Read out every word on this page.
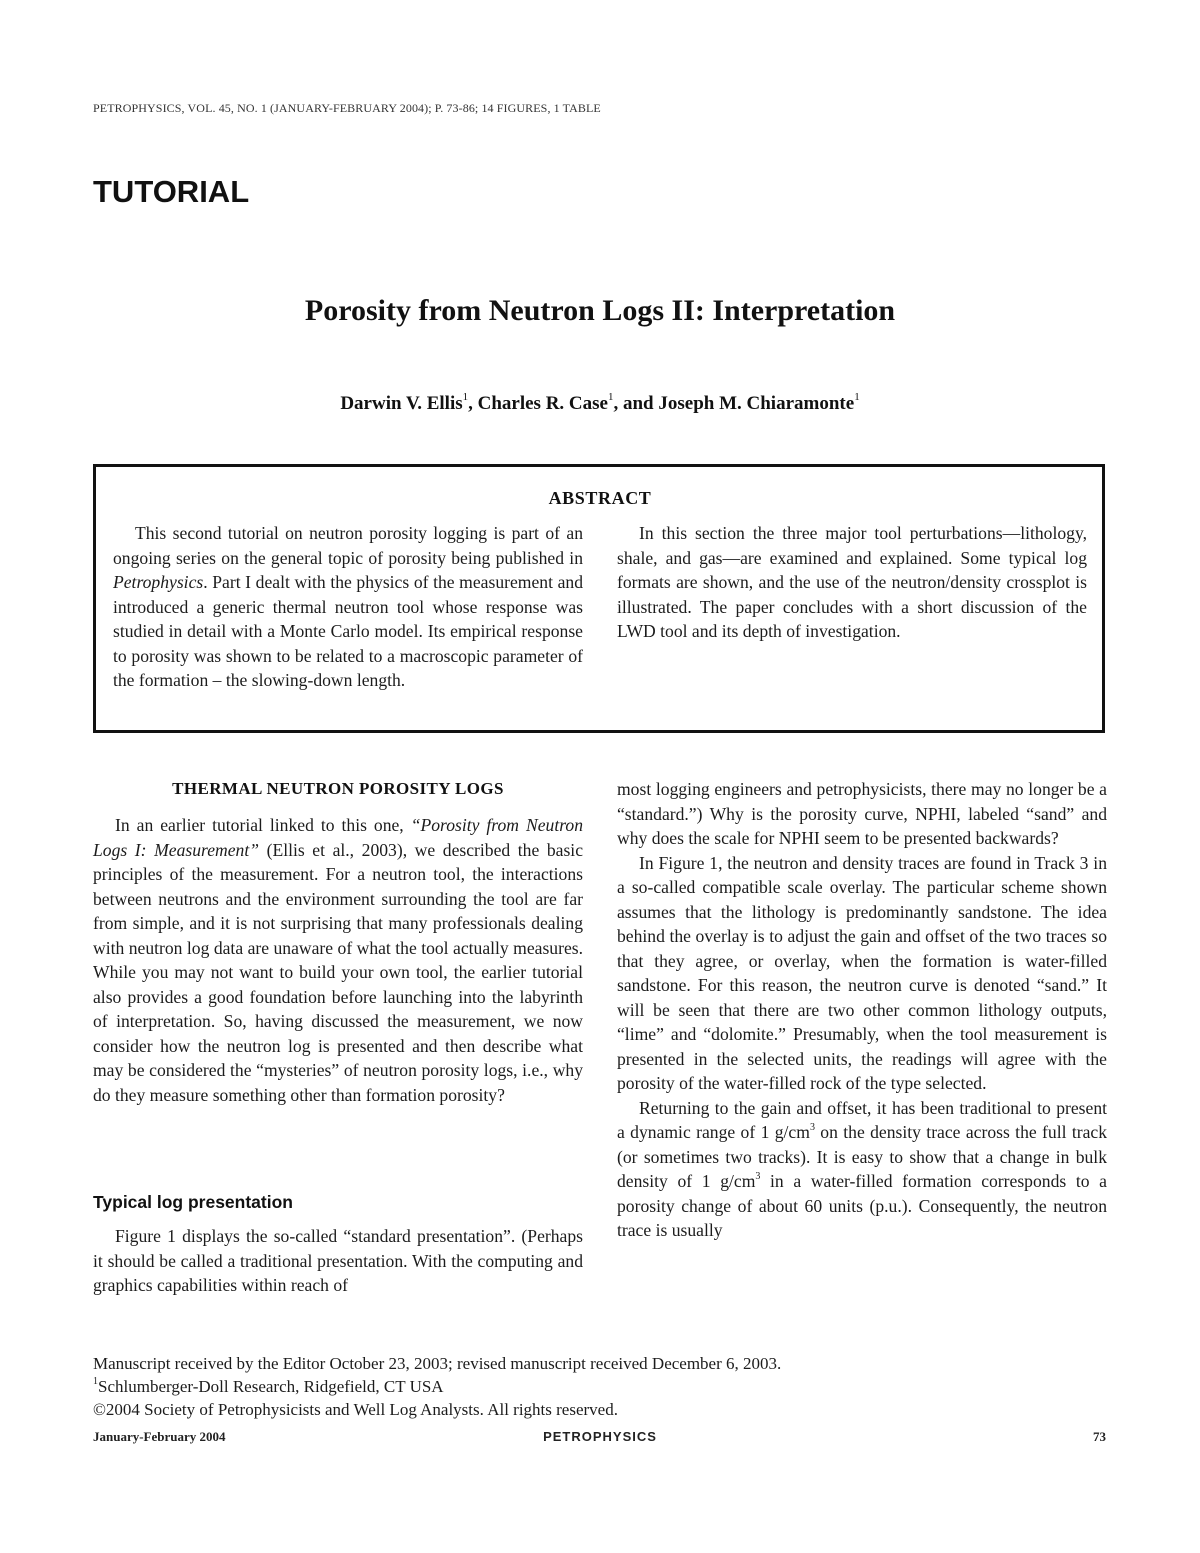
PETROPHYSICS, VOL. 45, NO. 1 (JANUARY-FEBRUARY 2004); P. 73-86; 14 FIGURES, 1 TABLE
TUTORIAL
Porosity from Neutron Logs II: Interpretation
Darwin V. Ellis$^1$, Charles R. Case$^1$, and Joseph M. Chiaramonte$^1$
ABSTRACT

This second tutorial on neutron porosity logging is part of an ongoing series on the general topic of porosity being published in Petrophysics. Part I dealt with the physics of the measurement and introduced a generic thermal neutron tool whose response was studied in detail with a Monte Carlo model. Its empirical response to porosity was shown to be related to a macroscopic parameter of the formation – the slowing-down length.

In this section the three major tool perturbations—lithology, shale, and gas—are examined and explained. Some typical log formats are shown, and the use of the neutron/density crossplot is illustrated. The paper concludes with a short discussion of the LWD tool and its depth of investigation.

THERMAL NEUTRON POROSITY LOGS

In an earlier tutorial linked to this one, “Porosity from Neutron Logs I: Measurement” (Ellis et al., 2003), we described the basic principles of the measurement. For a neutron tool, the interactions between neutrons and the environment surrounding the tool are far from simple, and it is not surprising that many professionals dealing with neutron log data are unaware of what the tool actually measures. While you may not want to build your own tool, the earlier tutorial also provides a good foundation before launching into the labyrinth of interpretation. So, having discussed the measurement, we now consider how the neutron log is presented and then describe what may be considered the “mysteries” of neutron porosity logs, i.e., why do they measure something other than formation porosity?

Typical log presentation

Figure 1 displays the so-called “standard presentation”. (Perhaps it should be called a traditional presentation. With the computing and graphics capabilities within reach of

most logging engineers and petrophysicists, there may no longer be a “standard.”) Why is the porosity curve, NPHI, labeled “sand” and why does the scale for NPHI seem to be presented backwards?

In Figure 1, the neutron and density traces are found in Track 3 in a so-called compatible scale overlay. The particular scheme shown assumes that the lithology is predominantly sandstone. The idea behind the overlay is to adjust the gain and offset of the two traces so that they agree, or overlay, when the formation is water-filled sandstone. For this reason, the neutron curve is denoted “sand.” It will be seen that there are two other common lithology outputs, “lime” and “dolomite.” Presumably, when the tool measurement is presented in the selected units, the readings will agree with the porosity of the water-filled rock of the type selected.

Returning to the gain and offset, it has been traditional to present a dynamic range of 1 $g/cm^3$ on the density trace across the full track (or sometimes two tracks). It is easy to show that a change in bulk density of 1 $g/cm^3$ in a water-filled formation corresponds to a porosity change of about 60 units (p.u.). Consequently, the neutron trace is usually

Manuscript received by the Editor October 23, 2003; revised manuscript received December 6, 2003.
$^1$Schlumberger-Doll Research, Ridgefield, CT USA
©2004 Society of Petrophysicists and Well Log Analysts. All rights reserved.
January-February 2004	PETROPHYSICS	73
